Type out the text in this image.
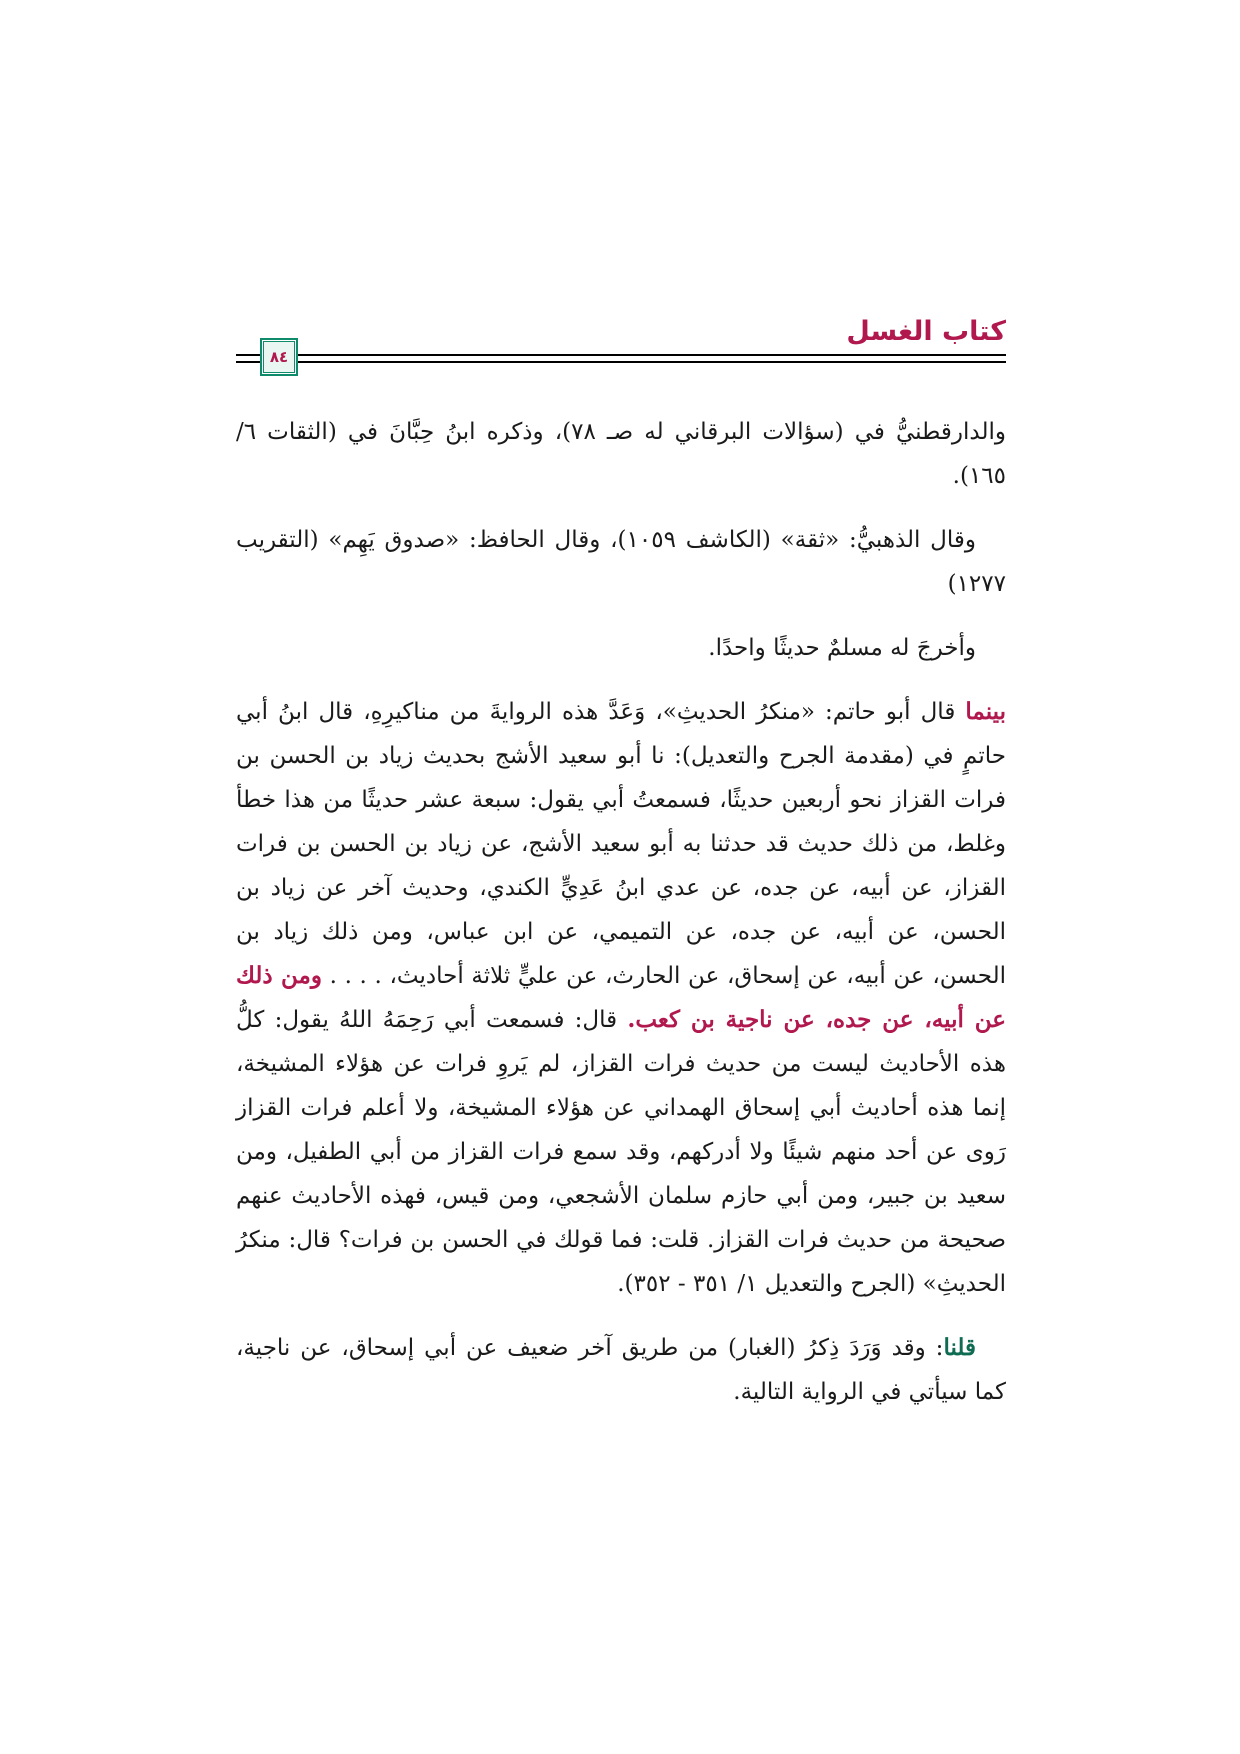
كتاب الغسل
٨٤

والدارقطنيُّ في (سؤالات البرقاني له صـ ٧٨)، وذكره ابنُ حِبَّانَ في (الثقات ٦/ ١٦٥).

وقال الذهبيُّ: «ثقة» (الكاشف ١٠٥٩)، وقال الحافظ: «صدوق يَهِم» (التقريب ١٢٧٧)

وأخرجَ له مسلمٌ حديثًا واحدًا.

بينما قال أبو حاتم: «منكرُ الحديثِ»، وَعَدَّ هذه الروايةَ من مناكيرِهِ، قال ابنُ أبي حاتمٍ في (مقدمة الجرح والتعديل): نا أبو سعيد الأشج بحديث زياد بن الحسن بن فرات القزاز نحو أربعين حديثًا، فسمعتُ أبي يقول: سبعة عشر حديثًا من هذا خطأ وغلط، من ذلك حديث قد حدثنا به أبو سعيد الأشج، عن زياد بن الحسن بن فرات القزاز، عن أبيه، عن جده، عن عدي ابنُ عَدِيٍّ الكندي، وحديث آخر عن زياد بن الحسن، عن أبيه، عن جده، عن التميمي، عن ابن عباس، ومن ذلك زياد بن الحسن، عن أبيه، عن إسحاق، عن الحارث، عن عليٍّ ثلاثة أحاديث، . . . . ومن ذلك عن أبيه، عن جده، عن ناجية بن كعب. قال: فسمعت أبي رَحِمَهُ اللهُ يقول: كلُّ هذه الأحاديث ليست من حديث فرات القزاز، لم يَروِ فرات عن هؤلاء المشيخة، إنما هذه أحاديث أبي إسحاق الهمداني عن هؤلاء المشيخة، ولا أعلم فرات القزاز رَوى عن أحد منهم شيئًا ولا أدركهم، وقد سمع فرات القزاز من أبي الطفيل، ومن سعيد بن جبير، ومن أبي حازم سلمان الأشجعي، ومن قيس، فهذه الأحاديث عنهم صحيحة من حديث فرات القزاز. قلت: فما قولك في الحسن بن فرات؟ قال: منكرُ الحديثِ» (الجرح والتعديل ١/ ٣٥١ - ٣٥٢).

قلنا: وقد وَرَدَ ذِكرُ (الغبار) من طريق آخر ضعيف عن أبي إسحاق، عن ناجية، كما سيأتي في الرواية التالية.
